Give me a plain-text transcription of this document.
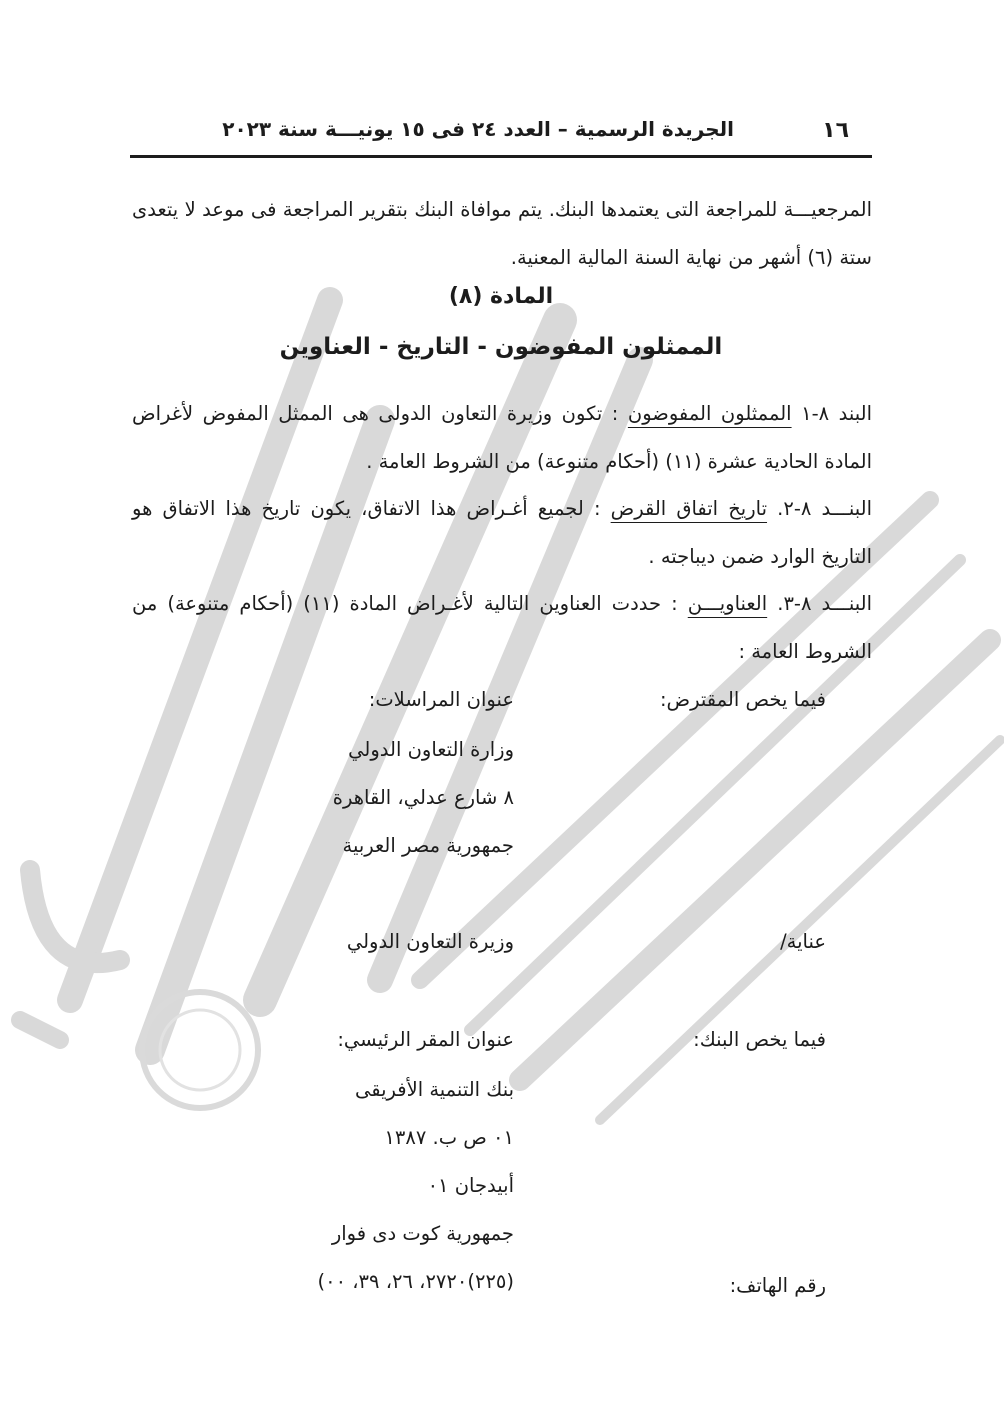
١٦
الجريدة الرسمية – العدد ٢٤ فى ١٥ يونيـــة سنة ٢٠٢٣
المرجعيـــة للمراجعة التى يعتمدها البنك. يتم موافاة البنك بتقرير المراجعة فى موعد لا يتعدى ستة (٦) أشهر من نهاية السنة المالية المعنية.
المادة (٨)
الممثلون المفوضون - التاريخ - العناوين
البند ٨-١ الممثلون المفوضون : تكون وزيرة التعاون الدولى هى الممثل المفوض لأغراض المادة الحادية عشرة (١١) (أحكام متنوعة) من الشروط العامة .
البنـــد ٨-٢. تاريخ اتفاق القرض : لجميع أغـراض هذا الاتفاق، يكون تاريخ هذا الاتفاق هو التاريخ الوارد ضمن ديباجته .
البنـــد ٨-٣. العناويـــن : حددت العناوين التالية لأغـراض المادة (١١) (أحكام متنوعة) من الشروط العامة :
فيما يخص المقترض:
عنوان المراسلات:
وزارة التعاون الدولي
٨ شارع عدلي، القاهرة
جمهورية مصر العربية
عناية/
وزيرة التعاون الدولي
فيما يخص البنك:
عنوان المقر الرئيسي:
بنك التنمية الأفريقى
٠١ ص ب. ١٣٨٧
أبيدجان ٠١
جمهورية كوت دى فوار
رقم الهاتف:
(٢٢٥)٢٧٢٠، ٢٦، ٣٩، ٠٠)
